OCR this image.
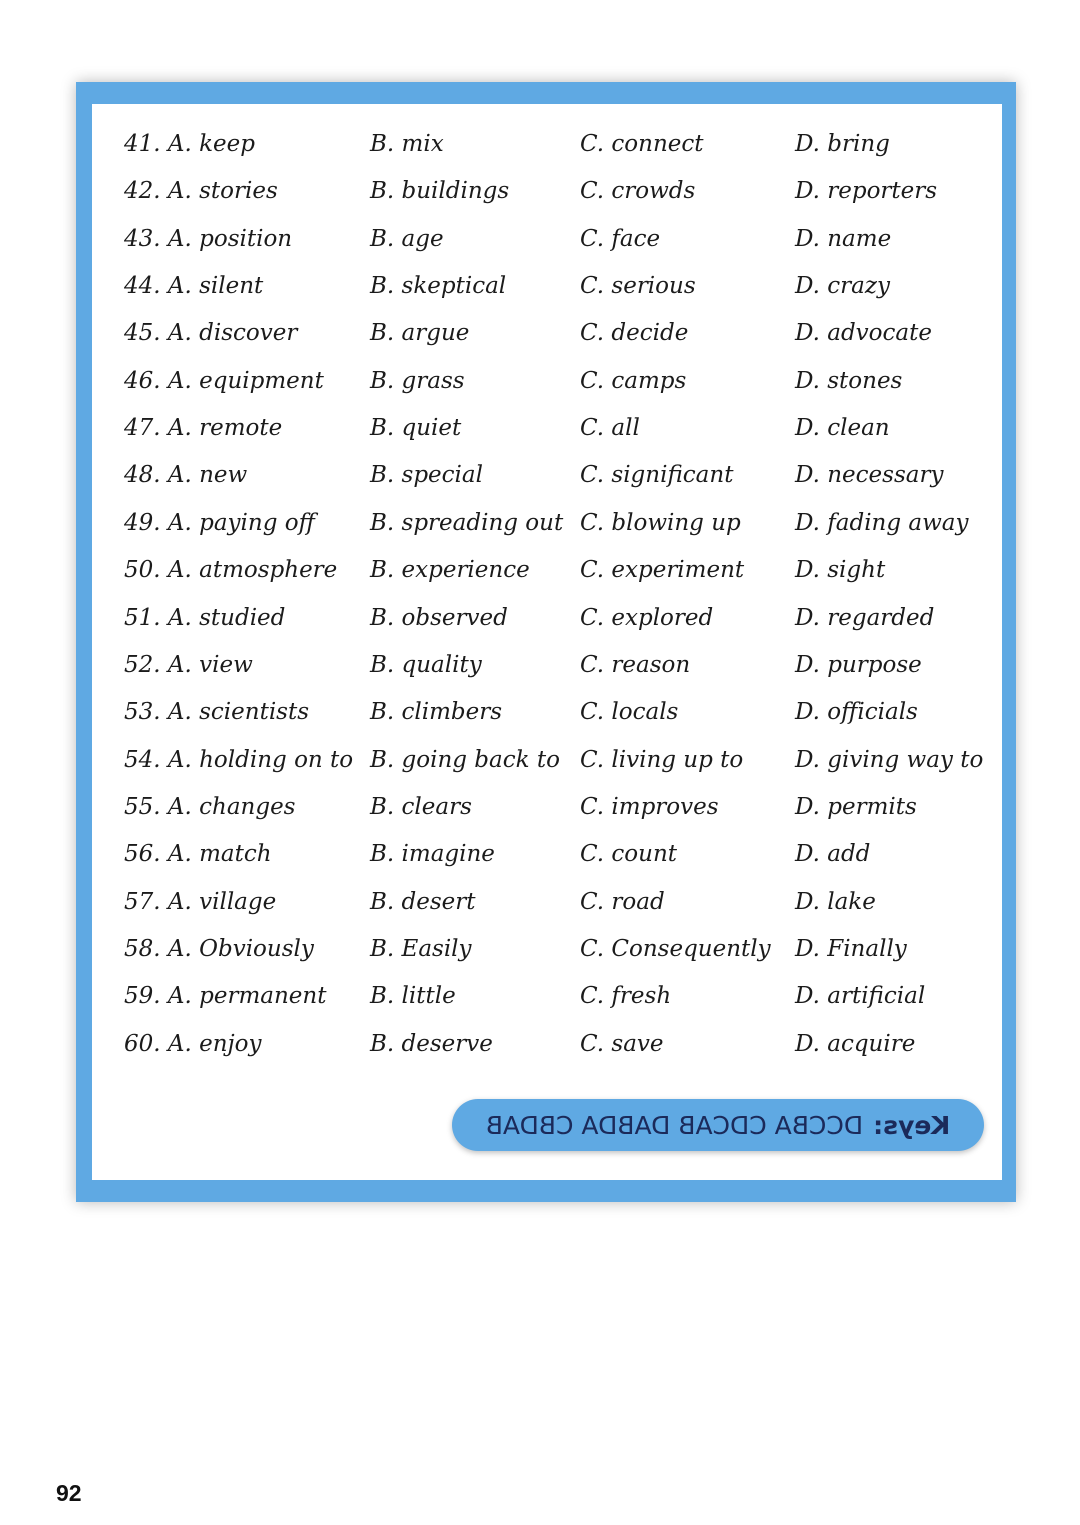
41. A. keep	B. mix	C. connect	D. bring
42. A. stories	B. buildings	C. crowds	D. reporters
43. A. position	B. age	C. face	D. name
44. A. silent	B. skeptical	C. serious	D. crazy
45. A. discover	B. argue	C. decide	D. advocate
46. A. equipment B. grass	C. camps	D. stones
47. A. remote	B. quiet	C. all	D. clean
48. A. new	B. special	C. significant	D. necessary
49. A. paying off B. spreading out C. blowing up D. fading away
50. A. atmosphere B. experience C. experiment D. sight
51. A. studied	B. observed	C. explored	D. regarded
52. A. view	B. quality	C. reason	D. purpose
53. A. scientists	B. climbers	C. locals	D. officials
54. A. holding on to B. going back to C. living up to D. giving way to
55. A. changes	B. clears	C. improves	D. permits
56. A. match	B. imagine	C. count	D. add
57. A. village	B. desert	C. road	D. lake
58. A. Obviously B. Easily	C. Consequently D. Finally
59. A. permanent B. little	C. fresh	D. artificial
60. A. enjoy	B. deserve	C. save	D. acquire
Keys:
DCCBA CDCAB DABDA CBDAB
92
